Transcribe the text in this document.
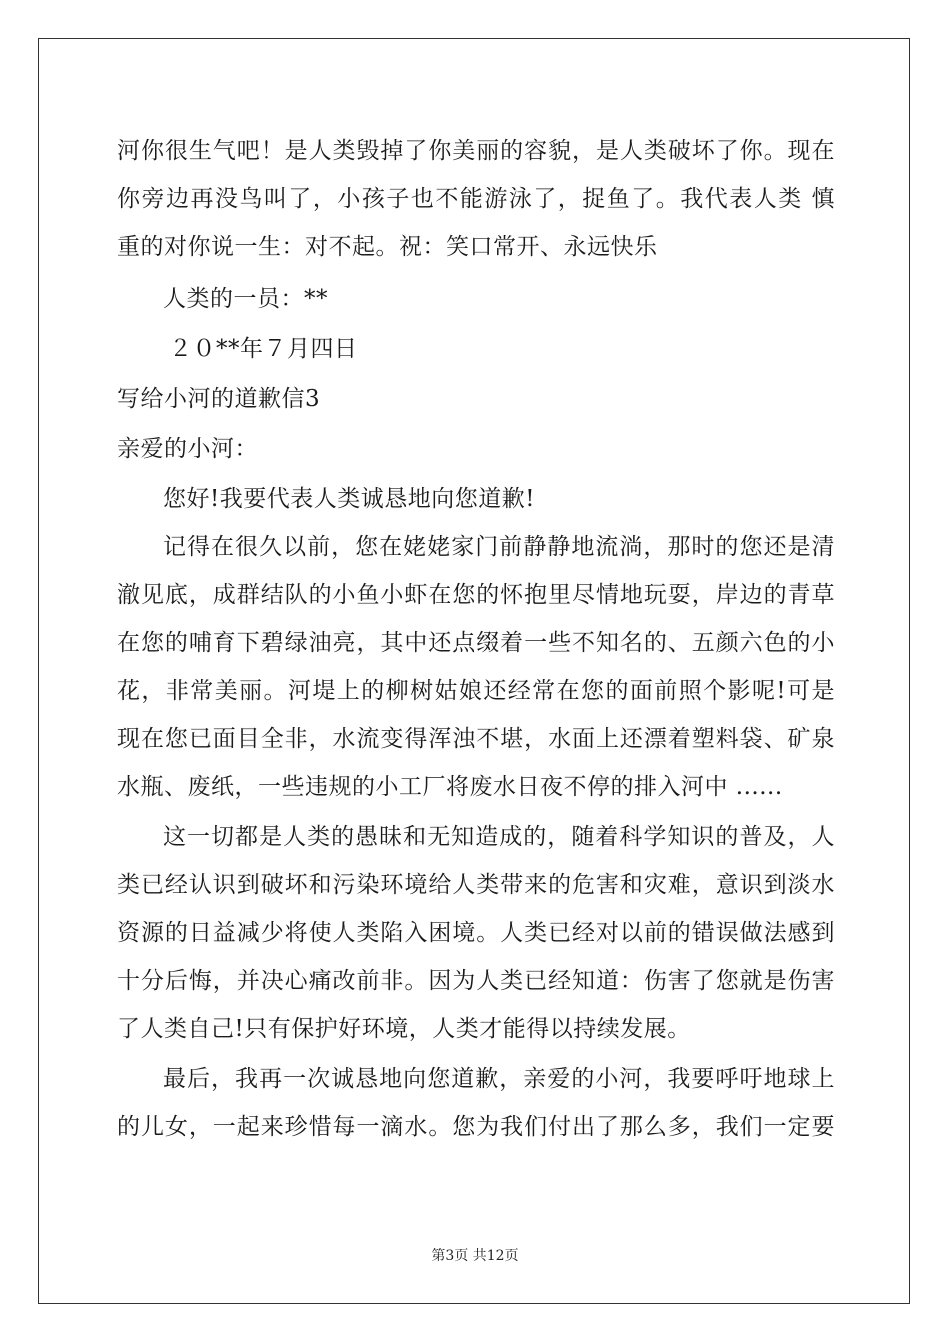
河你很生气吧！是人类毁掉了你美丽的容貌，是人类破坏了你。现在
你旁边再没鸟叫了，小孩子也不能游泳了，捉鱼了。我代表人类 慎
重的对你说一生：对不起。祝：笑口常开、永远快乐
人类的一员：**
２０**年７月四日
写给小河的道歉信3
亲爱的小河：
您好!我要代表人类诚恳地向您道歉!
记得在很久以前，您在姥姥家门前静静地流淌，那时的您还是清
澈见底，成群结队的小鱼小虾在您的怀抱里尽情地玩耍，岸边的青草
在您的哺育下碧绿油亮，其中还点缀着一些不知名的、五颜六色的小
花，非常美丽。河堤上的柳树姑娘还经常在您的面前照个影呢!可是
现在您已面目全非，水流变得浑浊不堪，水面上还漂着塑料袋、矿泉
水瓶、废纸，一些违规的小工厂将废水日夜不停的排入河中 ......
这一切都是人类的愚昧和无知造成的，随着科学知识的普及，人
类已经认识到破坏和污染环境给人类带来的危害和灾难，意识到淡水
资源的日益减少将使人类陷入困境。人类已经对以前的错误做法感到
十分后悔，并决心痛改前非。因为人类已经知道：伤害了您就是伤害
了人类自己!只有保护好环境，人类才能得以持续发展。
最后，我再一次诚恳地向您道歉，亲爱的小河，我要呼吁地球上
的儿女，一起来珍惜每一滴水。您为我们付出了那么多，我们一定要
第3页 共12页
